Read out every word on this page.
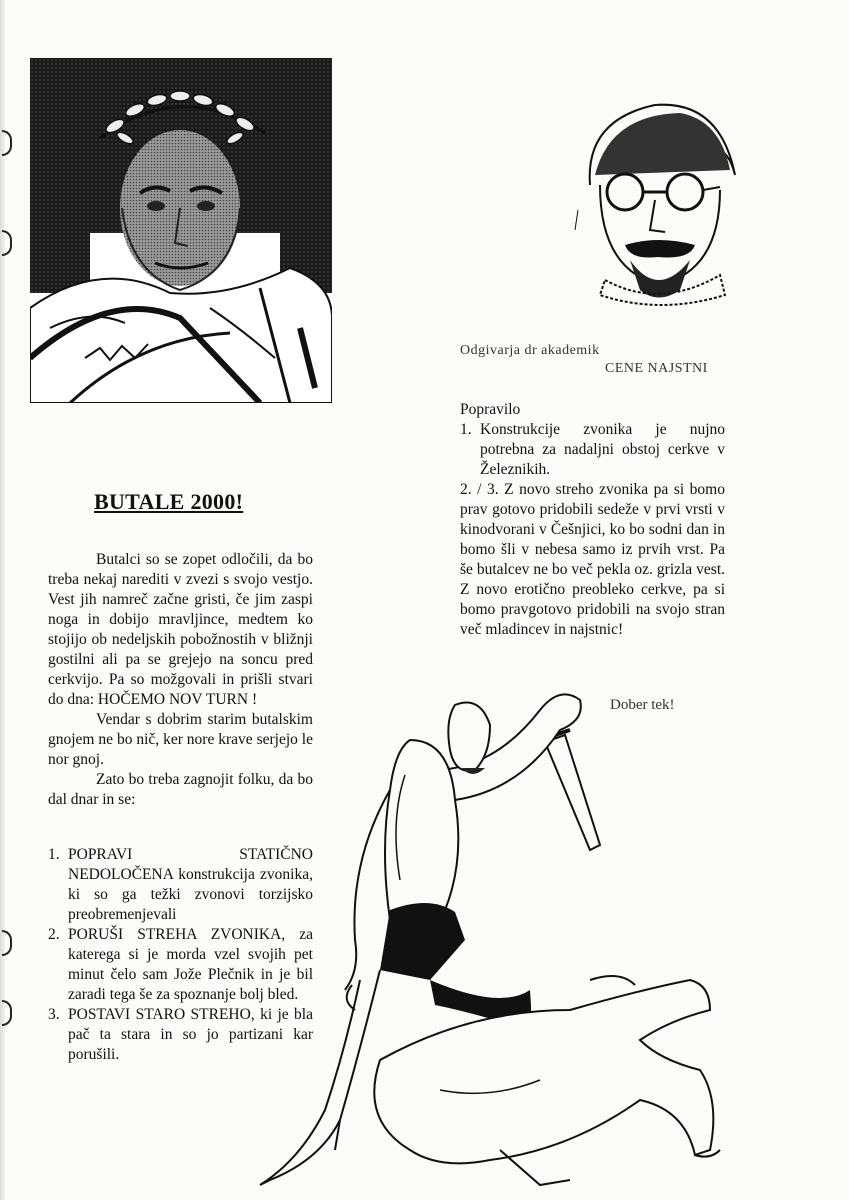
BUTALE 2000!

Butalci so se zopet odločili, da bo treba nekaj narediti v zvezi s svojo vestjo. Vest jih namreč začne gristi, če jim zaspi noga in dobijo mravljince, medtem ko stojijo ob nedeljskih pobožnostih v bližnji gostilni ali pa se grejejo na soncu pred cerkvijo. Pa so možgovali in prišli stvari do dna: HOČEMO NOV TURN !

Vendar s dobrim starim butalskim gnojem ne bo nič, ker nore krave serjejo le nor gnoj.

Zato bo treba zagnojit folku, da bo dal dnar in se:

1. POPRAVI STATIČNO NEDOLOČENA konstrukcija zvonika, ki so ga težki zvonovi torzijsko preobremenjevali
2. PORUŠI STREHA ZVONIKA, za katerega si je morda vzel svojih pet minut čelo sam Jože Plečnik in je bil zaradi tega še za spoznanje bolj bled.
3. POSTAVI STARO STREHO, ki je bla pač ta stara in so jo partizani kar porušili.
Odgivarja dr akademik
CENE NAJSTNI
Popravilo
1. Konstrukcije zvonika je nujno potrebna za nadaljni obstoj cerkve v Železnikih.
2. / 3. Z novo streho zvonika pa si bomo prav gotovo pridobili sedeže v prvi vrsti v kinodvorani v Češnjici, ko bo sodni dan in bomo šli v nebesa samo iz prvih vrst. Pa še butalcev ne bo več pekla oz. grizla vest. Z novo erotično preobleko cerkve, pa si bomo pravgotovo pridobili na svojo stran več mladincev in najstnic!
Dober tek!
